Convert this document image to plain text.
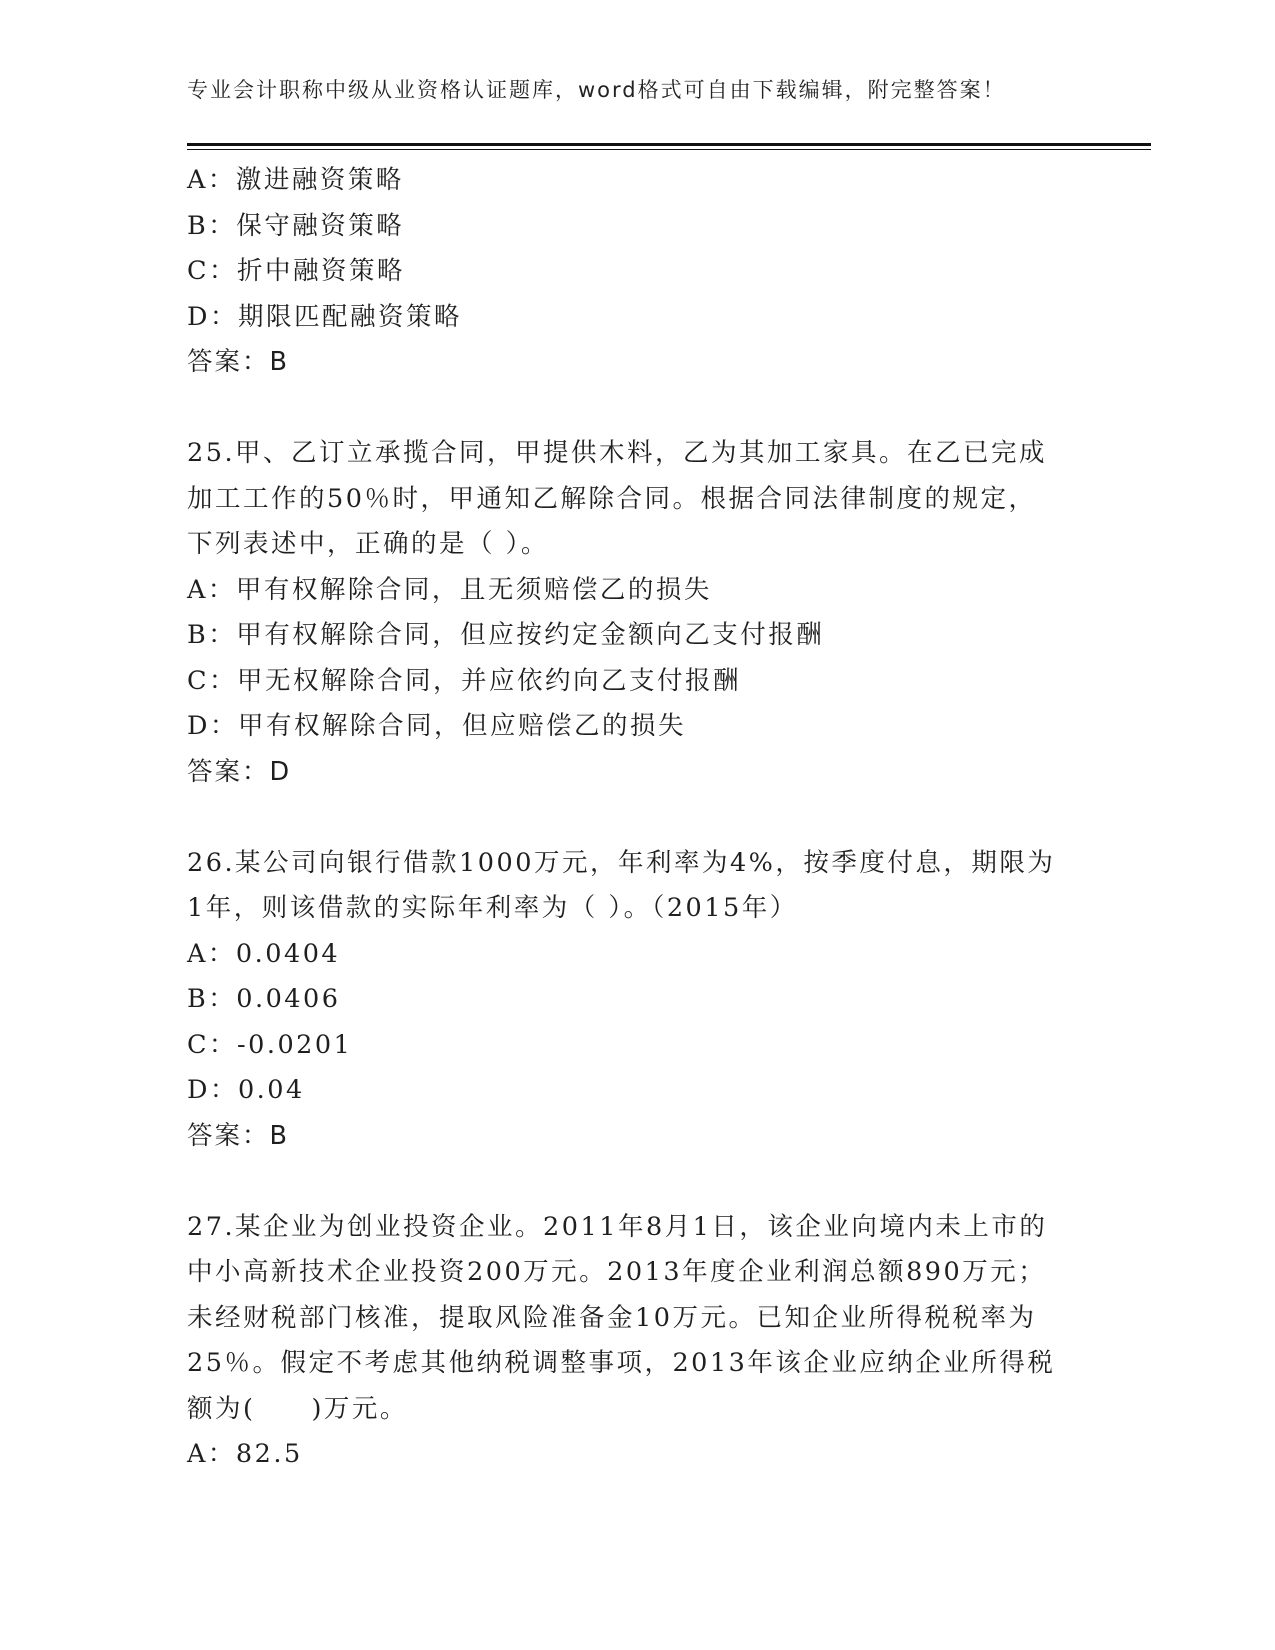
专业会计职称中级从业资格认证题库，word格式可自由下载编辑，附完整答案！
A：激进融资策略
B：保守融资策略
C：折中融资策略
D：期限匹配融资策略
答案：B
25.甲、乙订立承揽合同，甲提供木料，乙为其加工家具。在乙已完成
加工工作的50％时，甲通知乙解除合同。根据合同法律制度的规定，
下列表述中，正确的是（ ）。
A：甲有权解除合同，且无须赔偿乙的损失
B：甲有权解除合同，但应按约定金额向乙支付报酬
C：甲无权解除合同，并应依约向乙支付报酬
D：甲有权解除合同，但应赔偿乙的损失
答案：D
26.某公司向银行借款1000万元，年利率为4%，按季度付息，期限为
1年，则该借款的实际年利率为（ ）。（2015年）
A：0.0404
B：0.0406
C：-0.0201
D：0.04
答案：B
27.某企业为创业投资企业。2011年8月1日，该企业向境内未上市的
中小高新技术企业投资200万元。2013年度企业利润总额890万元；
未经财税部门核准，提取风险准备金10万元。已知企业所得税税率为
25％。假定不考虑其他纳税调整事项，2013年该企业应纳企业所得税
额为(　　)万元。
A：82.5
